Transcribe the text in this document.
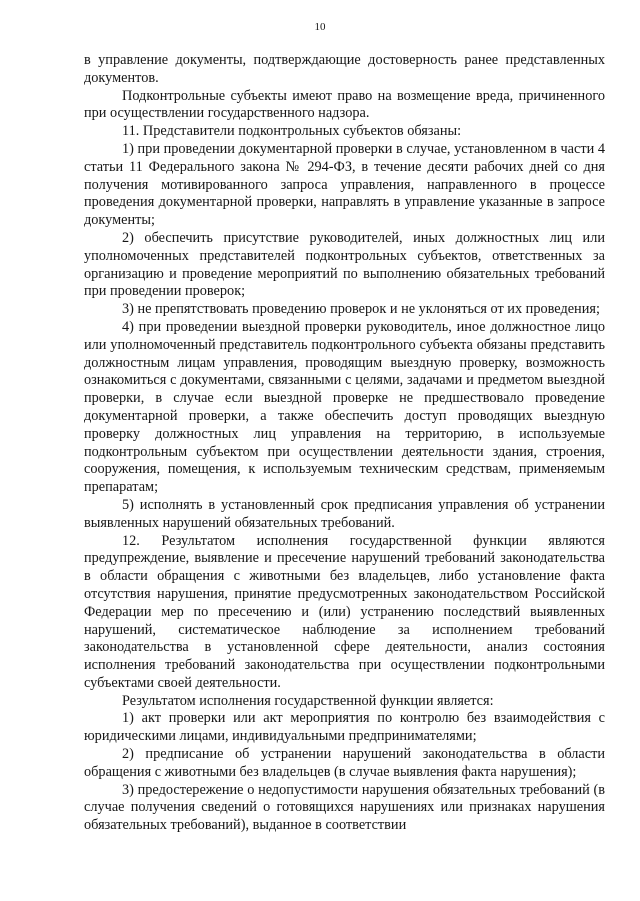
10

в управление документы, подтверждающие достоверность ранее представленных документов.

Подконтрольные субъекты имеют право на возмещение вреда, причиненного при осуществлении государственного надзора.

11. Представители подконтрольных субъектов обязаны:

1) при проведении документарной проверки в случае, установленном в части 4 статьи 11 Федерального закона № 294-ФЗ, в течение десяти рабочих дней со дня получения мотивированного запроса управления, направленного в процессе проведения документарной проверки, направлять в управление указанные в запросе документы;

2) обеспечить присутствие руководителей, иных должностных лиц или уполномоченных представителей подконтрольных субъектов, ответственных за организацию и проведение мероприятий по выполнению обязательных требований при проведении проверок;

3) не препятствовать проведению проверок и не уклоняться от их проведения;

4) при проведении выездной проверки руководитель, иное должностное лицо или уполномоченный представитель подконтрольного субъекта обязаны представить должностным лицам управления, проводящим выездную проверку, возможность ознакомиться с документами, связанными с целями, задачами и предметом выездной проверки, в случае если выездной проверке не предшествовало проведение документарной проверки, а также обеспечить доступ проводящих выездную проверку должностных лиц управления на территорию, в используемые подконтрольным субъектом при осуществлении деятельности здания, строения, сооружения, помещения, к используемым техническим средствам, применяемым препаратам;

5) исполнять в установленный срок предписания управления об устранении выявленных нарушений обязательных требований.

12. Результатом исполнения государственной функции являются предупреждение, выявление и пресечение нарушений требований законодательства в области обращения с животными без владельцев, либо установление факта отсутствия нарушения, принятие предусмотренных законодательством Российской Федерации мер по пресечению и (или) устранению последствий выявленных нарушений, систематическое наблюдение за исполнением требований законодательства в установленной сфере деятельности, анализ состояния исполнения требований законодательства при осуществлении подконтрольными субъектами своей деятельности.

Результатом исполнения государственной функции является:

1) акт проверки или акт мероприятия по контролю без взаимодействия с юридическими лицами, индивидуальными предпринимателями;

2) предписание об устранении нарушений законодательства в области обращения с животными без владельцев (в случае выявления факта нарушения);

3) предостережение о недопустимости нарушения обязательных требований (в случае получения сведений о готовящихся нарушениях или признаках нарушения обязательных требований), выданное в соответствии
